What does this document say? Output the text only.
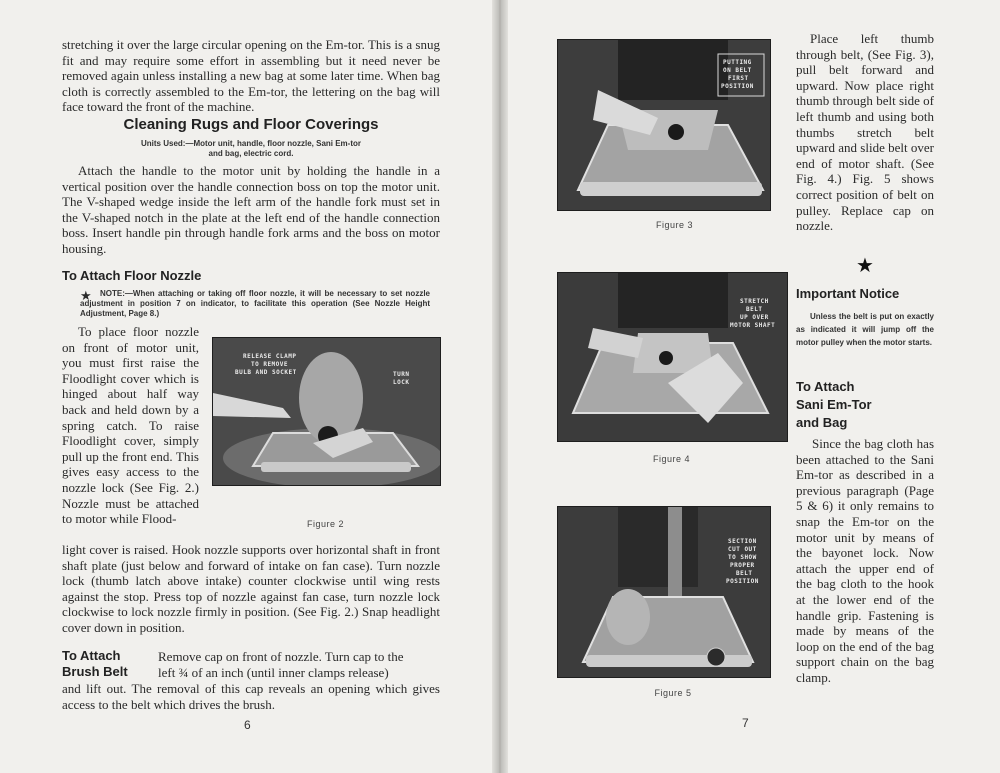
stretching it over the large circular opening on the Em-tor. This is a snug fit and may require some effort in assembling but it need never be removed again unless installing a new bag at some later time. When bag cloth is correctly assembled to the Em-tor, the lettering on the bag will face toward the front of the machine.

Cleaning Rugs and Floor Coverings

Units Used:—Motor unit, handle, floor nozzle, Sani Em-tor

and bag, electric cord.

Attach the handle to the motor unit by holding the handle in a vertical position over the handle connection boss on top the motor unit. The V-shaped wedge inside the left arm of the handle fork must set in the V-shaped notch in the plate at the left end of the handle connection boss. Insert handle pin through handle fork arms and the boss on motor housing.

To Attach Floor Nozzle
★	NOTE:—When attaching or taking off floor nozzle, it will be necessary to set nozzle adjustment in position 7 on indicator, to facilitate this operation (See Nozzle Height Adjustment, Page 8.)

To place floor nozzle on front of motor unit, you must first raise the Floodlight cover which is hinged about half way back and held down by a spring catch. To raise Floodlight cover, simply pull up the front end. This gives easy access to the nozzle lock (See Fig. 2.) Nozzle must be attached to motor while Flood-

RELEASE CLAMP
TO REMOVE
BULB AND SOCKET	TURN
LOCK

Figure 2

light cover is raised. Hook nozzle supports over horizontal shaft in front shaft plate (just below and forward of intake on fan case). Turn nozzle lock (thumb latch above intake) counter clockwise until wing rests against the stop. Press top of nozzle against fan case, turn nozzle lock clockwise to lock nozzle firmly in position. (See Fig. 2.) Snap headlight cover down in position.

To Attach
Brush Belt

Remove cap on front of nozzle. Turn cap to the

left ¾ of an inch (until inner clamps release)

and lift out. The removal of this cap reveals an opening which gives access to the belt which drives the brush.

6
PUTTING
ON BELT
FIRST
POSITION

Figure 3

STRETCH
BELT
UP OVER
MOTOR SHAFT

Figure 4

SECTION
CUT OUT
TO SHOW
PROPER
BELT
POSITION

Figure 5

Place left thumb through belt, (See Fig. 3), pull belt forward and upward. Now place right thumb through belt side of left thumb and using both thumbs stretch belt upward and slide belt over end of motor shaft. (See Fig. 4.) Fig. 5 shows correct position of belt on pulley. Replace cap on nozzle.

★
Important Notice

Unless the belt is put on exactly as indicated it will jump off the motor pulley when the motor starts.

To Attach
Sani Em-Tor
and Bag

Since the bag cloth has been attached to the Sani Em-tor as described in a previous paragraph (Page 5 & 6) it only remains to snap the Em-tor on the motor unit by means of the bayonet lock. Now attach the upper end of the bag cloth to the hook at the lower end of the handle grip. Fastening is made by means of the loop on the end of the bag support chain on the bag clamp.

7
